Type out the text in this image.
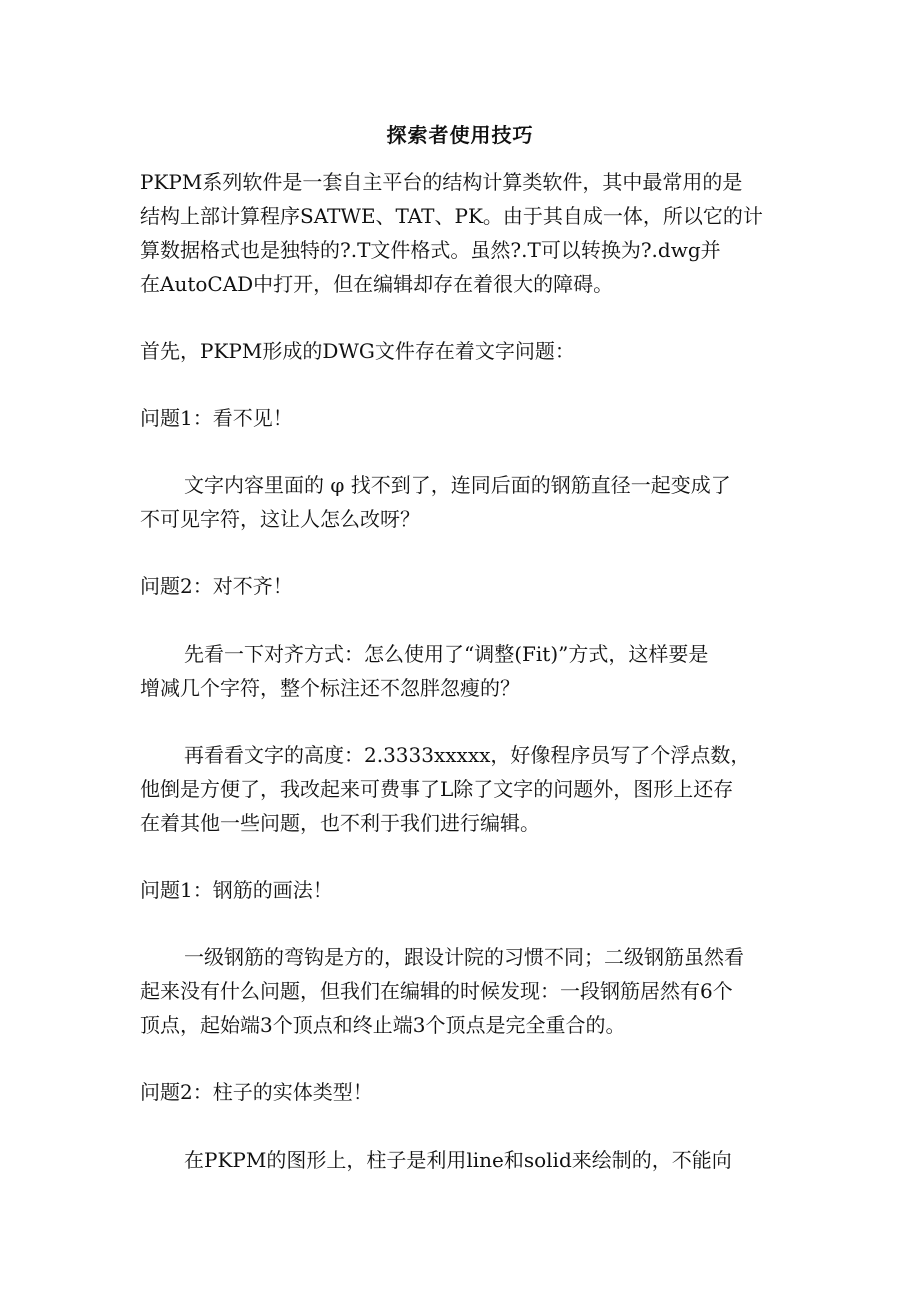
探索者使用技巧
PKPM系列软件是一套自主平台的结构计算类软件，其中最常用的是
结构上部计算程序SATWE、TAT、PK。由于其自成一体，所以它的计
算数据格式也是独特的?.T文件格式。虽然?.T可以转换为?.dwg并
在AutoCAD中打开，但在编辑却存在着很大的障碍。
首先，PKPM形成的DWG文件存在着文字问题：
问题1：看不见！
文字内容里面的 φ 找不到了，连同后面的钢筋直径一起变成了
不可见字符，这让人怎么改呀？
问题2：对不齐！
先看一下对齐方式：怎么使用了“调整(Fit)”方式，这样要是
增减几个字符，整个标注还不忽胖忽瘦的？
再看看文字的高度：2.3333xxxxx，好像程序员写了个浮点数，
他倒是方便了，我改起来可费事了L除了文字的问题外，图形上还存
在着其他一些问题，也不利于我们进行编辑。
问题1：钢筋的画法！
一级钢筋的弯钩是方的，跟设计院的习惯不同；二级钢筋虽然看
起来没有什么问题，但我们在编辑的时候发现：一段钢筋居然有6个
顶点，起始端3个顶点和终止端3个顶点是完全重合的。
问题2：柱子的实体类型！
在PKPM的图形上，柱子是利用line和solid来绘制的，不能向
